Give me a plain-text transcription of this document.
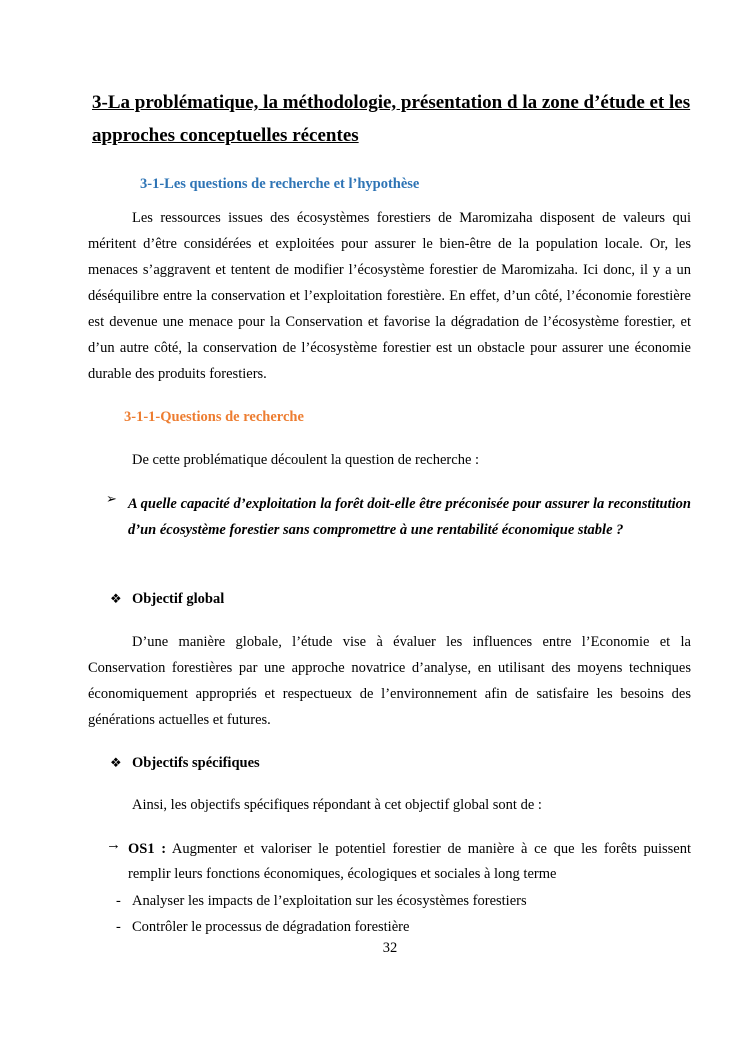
3-La problématique, la méthodologie, présentation d la zone d’étude et les approches conceptuelles récentes
3-1-Les questions de recherche et l’hypothèse

Les ressources issues des écosystèmes forestiers de Maromizaha disposent de valeurs qui méritent d’être considérées et exploitées pour assurer le bien-être de la population locale. Or, les menaces s’aggravent et tentent de modifier l’écosystème forestier de Maromizaha. Ici donc, il y a un déséquilibre entre la conservation et l’exploitation forestière. En effet, d’un côté, l’économie forestière est devenue une menace pour la Conservation et favorise la dégradation de l’écosystème forestier, et d’un autre côté, la conservation de l’écosystème forestier est un obstacle pour assurer une économie durable des produits forestiers.

3-1-1-Questions de recherche

De cette problématique découlent la question de recherche :

➢ A quelle capacité d’exploitation la forêt doit-elle être préconisée pour assurer la reconstitution d’un écosystème forestier sans compromettre à une rentabilité économique stable ?

❖ Objectif global

D’une manière globale, l’étude vise à évaluer les influences entre l’Economie et la Conservation forestières par une approche novatrice d’analyse, en utilisant des moyens techniques économiquement appropriés et respectueux de l’environnement afin de satisfaire les besoins des générations actuelles et futures.

❖ Objectifs spécifiques

Ainsi, les objectifs spécifiques répondant à cet objectif global sont de :

→ OS1 : Augmenter et valoriser le potentiel forestier de manière à ce que les forêts puissent remplir leurs fonctions économiques, écologiques et sociales à long terme

- Analyser les impacts de l’exploitation sur les écosystèmes forestiers

- Contrôler le processus de dégradation forestière

32
